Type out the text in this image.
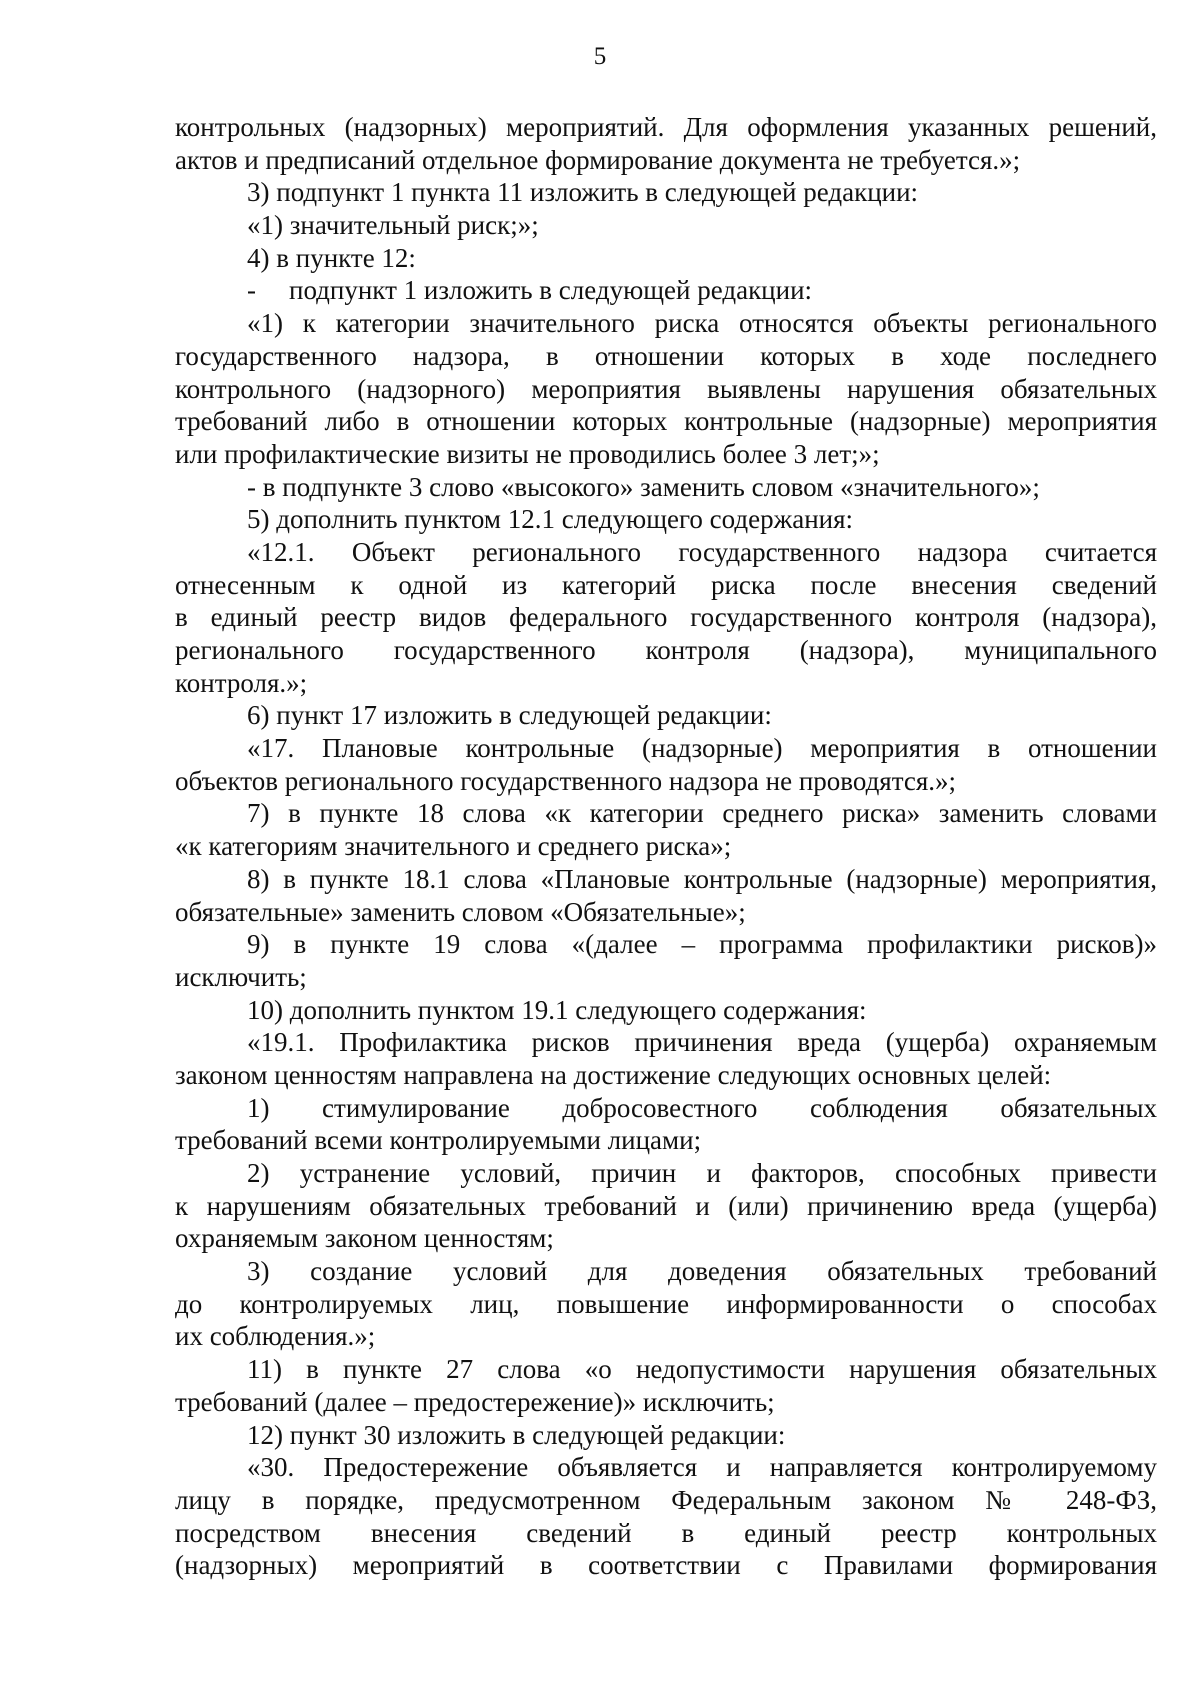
5
контрольных (надзорных) мероприятий. Для оформления указанных решений,
актов и предписаний отдельное формирование документа не требуется.»;
3) подпункт 1 пункта 11 изложить в следующей редакции:
«1) значительный риск;»;
4) в пункте 12:
- подпункт 1 изложить в следующей редакции:
«1) к категории значительного риска относятся объекты регионального
государственного надзора, в отношении которых в ходе последнего
контрольного (надзорного) мероприятия выявлены нарушения обязательных
требований либо в отношении которых контрольные (надзорные) мероприятия
или профилактические визиты не проводились более 3 лет;»;
- в подпункте 3 слово «высокого» заменить словом «значительного»;
5) дополнить пунктом 12.1 следующего содержания:
«12.1. Объект регионального государственного надзора считается
отнесенным к одной из категорий риска после внесения сведений
в единый реестр видов федерального государственного контроля (надзора),
регионального государственного контроля (надзора), муниципального
контроля.»;
6) пункт 17 изложить в следующей редакции:
«17. Плановые контрольные (надзорные) мероприятия в отношении
объектов регионального государственного надзора не проводятся.»;
7) в пункте 18 слова «к категории среднего риска» заменить словами
«к категориям значительного и среднего риска»;
8) в пункте 18.1 слова «Плановые контрольные (надзорные) мероприятия,
обязательные» заменить словом «Обязательные»;
9) в пункте 19 слова «(далее – программа профилактики рисков)»
исключить;
10) дополнить пунктом 19.1 следующего содержания:
«19.1. Профилактика рисков причинения вреда (ущерба) охраняемым
законом ценностям направлена на достижение следующих основных целей:
1) стимулирование добросовестного соблюдения обязательных
требований всеми контролируемыми лицами;
2) устранение условий, причин и факторов, способных привести
к нарушениям обязательных требований и (или) причинению вреда (ущерба)
охраняемым законом ценностям;
3) создание условий для доведения обязательных требований
до контролируемых лиц, повышение информированности о способах
их соблюдения.»;
11) в пункте 27 слова «о недопустимости нарушения обязательных
требований (далее – предостережение)» исключить;
12) пункт 30 изложить в следующей редакции:
«30. Предостережение объявляется и направляется контролируемому
лицу в порядке, предусмотренном Федеральным законом № 248-ФЗ,
посредством внесения сведений в единый реестр контрольных
(надзорных) мероприятий в соответствии с Правилами формирования
